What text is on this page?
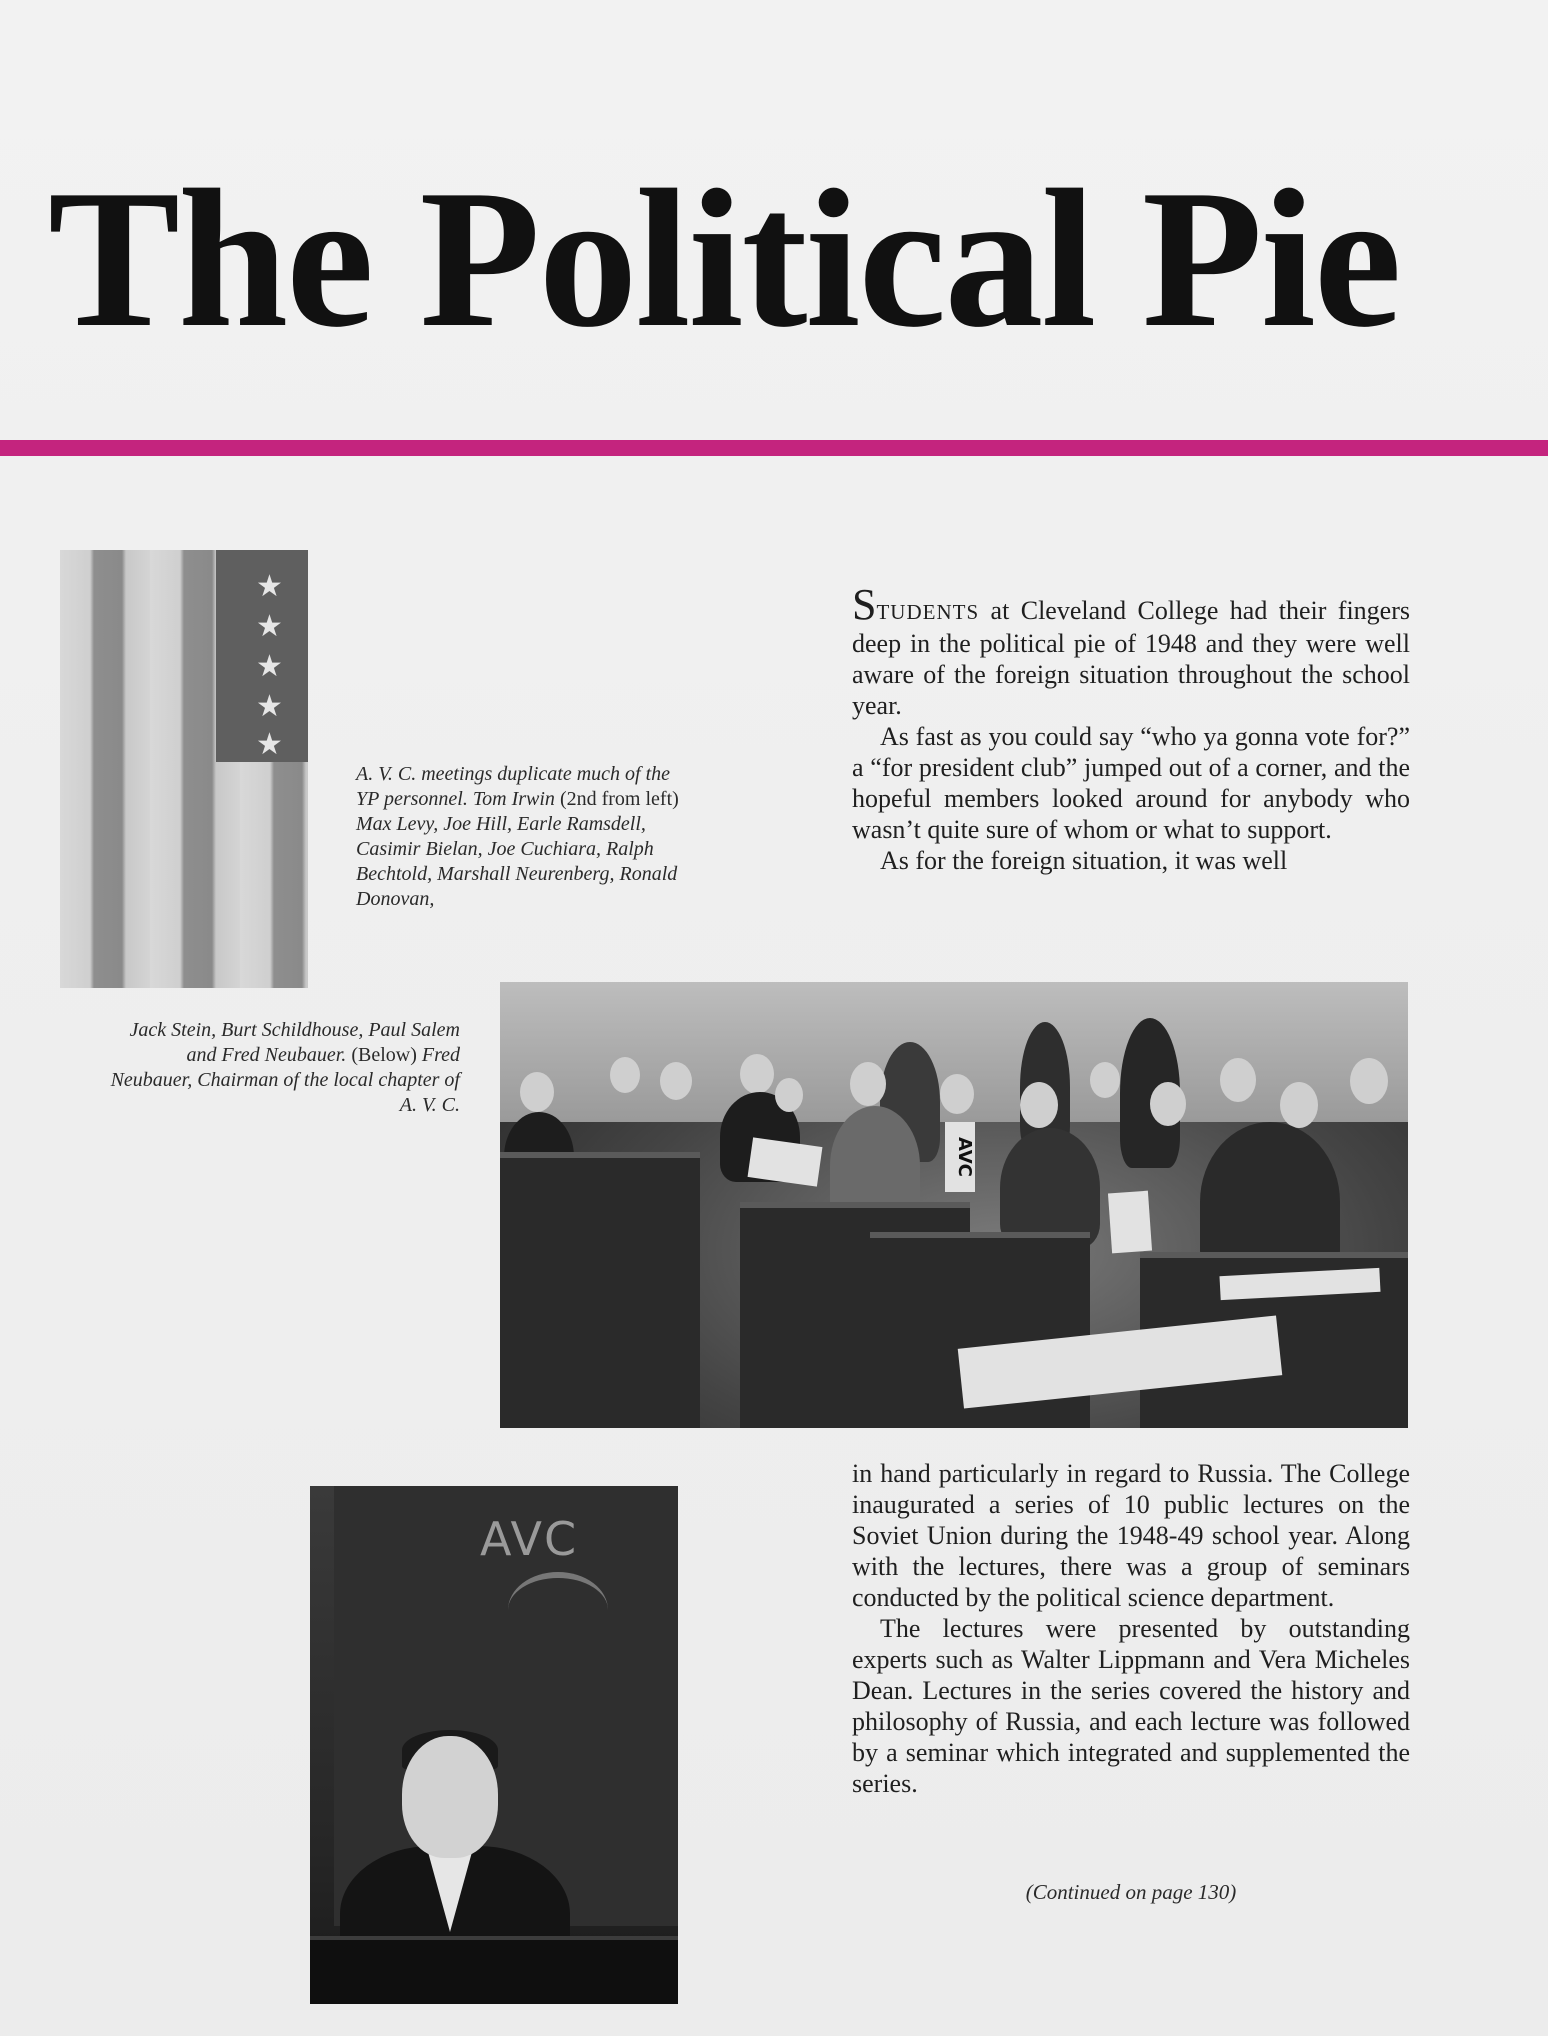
The Political Pie
★
★
★
★
★

A. V. C. meetings duplicate much of the YP personnel. Tom Irwin (2nd from left) Max Levy, Joe Hill, Earle Ramsdell, Casimir Bielan, Joe Cuchiara, Ralph Bechtold, Marshall Neurenberg, Ronald Donovan,

STUDENTS at Cleveland College had their fingers deep in the political pie of 1948 and they were well aware of the foreign situation throughout the school year.

As fast as you could say “who ya gonna vote for?” a “for president club” jumped out of a corner, and the hopeful members looked around for anybody who wasn’t quite sure of whom or what to support.

As for the foreign situation, it was well

Jack Stein, Burt Schildhouse, Paul Salem and Fred Neubauer. (Below) Fred Neubauer, Chairman of the local chapter of A. V. C.

AVC
AVC

in hand particularly in regard to Russia. The College inaugurated a series of 10 public lectures on the Soviet Union during the 1948-49 school year. Along with the lectures, there was a group of seminars conducted by the political science department.

The lectures were presented by outstanding experts such as Walter Lippmann and Vera Micheles Dean. Lectures in the series covered the history and philosophy of Russia, and each lecture was followed by a seminar which integrated and supplemented the series.

(Continued on page 130)
